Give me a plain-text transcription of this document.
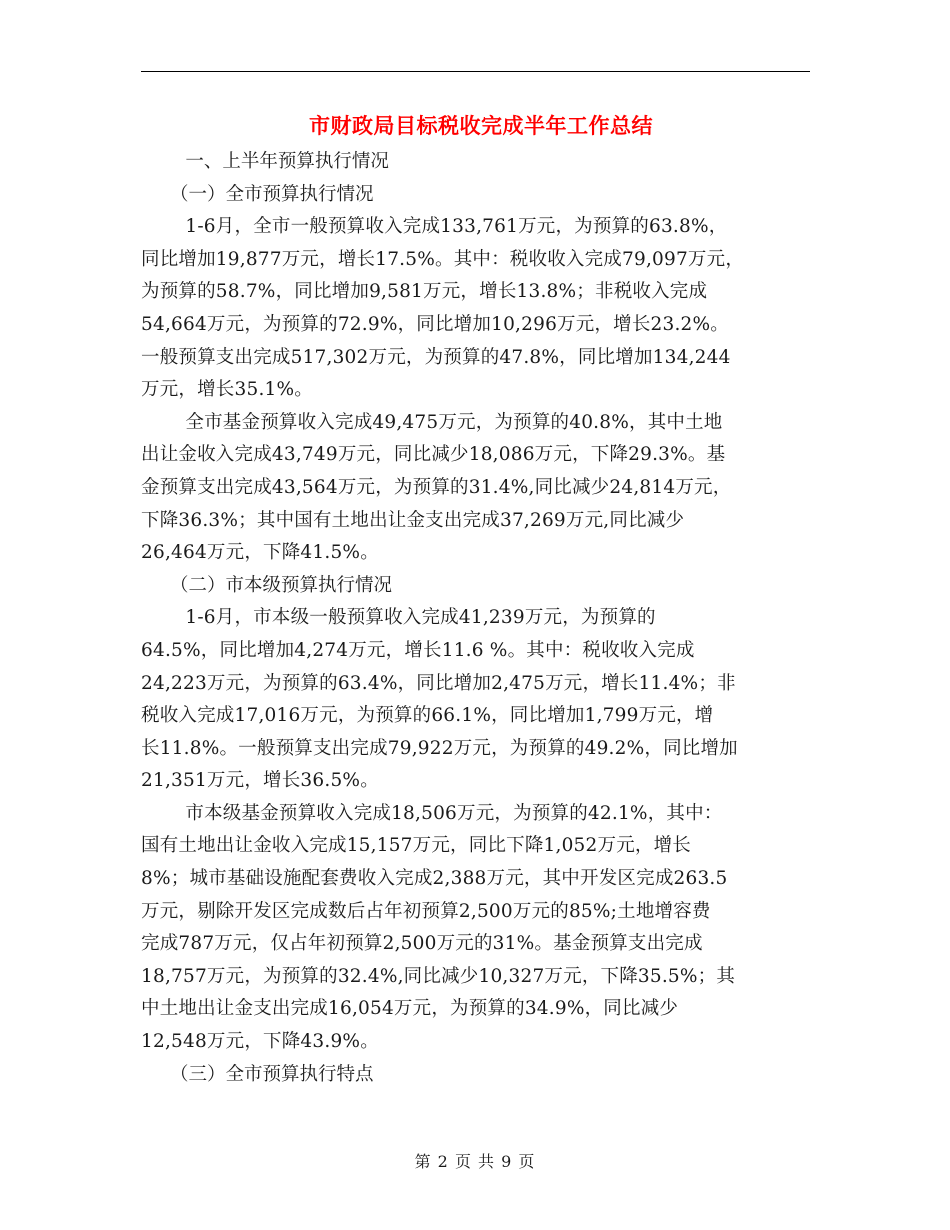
市财政局目标税收完成半年工作总结

一、上半年预算执行情况

（一）全市预算执行情况

1-6月，全市一般预算收入完成133,761万元，为预算的63.8%，
同比增加19,877万元，增长17.5%。其中：税收收入完成79,097万元，
为预算的58.7%，同比增加9,581万元，增长13.8%；非税收入完成
54,664万元，为预算的72.9%，同比增加10,296万元，增长23.2%。
一般预算支出完成517,302万元，为预算的47.8%，同比增加134,244
万元，增长35.1%。

全市基金预算收入完成49,475万元，为预算的40.8%，其中土地
出让金收入完成43,749万元，同比减少18,086万元，下降29.3%。基
金预算支出完成43,564万元，为预算的31.4%,同比减少24,814万元，
下降36.3%；其中国有土地出让金支出完成37,269万元,同比减少
26,464万元，下降41.5%。

（二）市本级预算执行情况

1-6月，市本级一般预算收入完成41,239万元，为预算的
64.5%，同比增加4,274万元，增长11.6 %。其中：税收收入完成
24,223万元，为预算的63.4%，同比增加2,475万元，增长11.4%；非
税收入完成17,016万元，为预算的66.1%，同比增加1,799万元，增
长11.8%。一般预算支出完成79,922万元，为预算的49.2%，同比增加
21,351万元，增长36.5%。

市本级基金预算收入完成18,506万元，为预算的42.1%，其中：
国有土地出让金收入完成15,157万元，同比下降1,052万元，增长
8%；城市基础设施配套费收入完成2,388万元，其中开发区完成263.5
万元，剔除开发区完成数后占年初预算2,500万元的85%;土地增容费
完成787万元，仅占年初预算2,500万元的31%。基金预算支出完成
18,757万元，为预算的32.4%,同比减少10,327万元，下降35.5%；其
中土地出让金支出完成16,054万元，为预算的34.9%，同比减少
12,548万元，下降43.9%。

（三）全市预算执行特点

第 2 页 共 9 页
